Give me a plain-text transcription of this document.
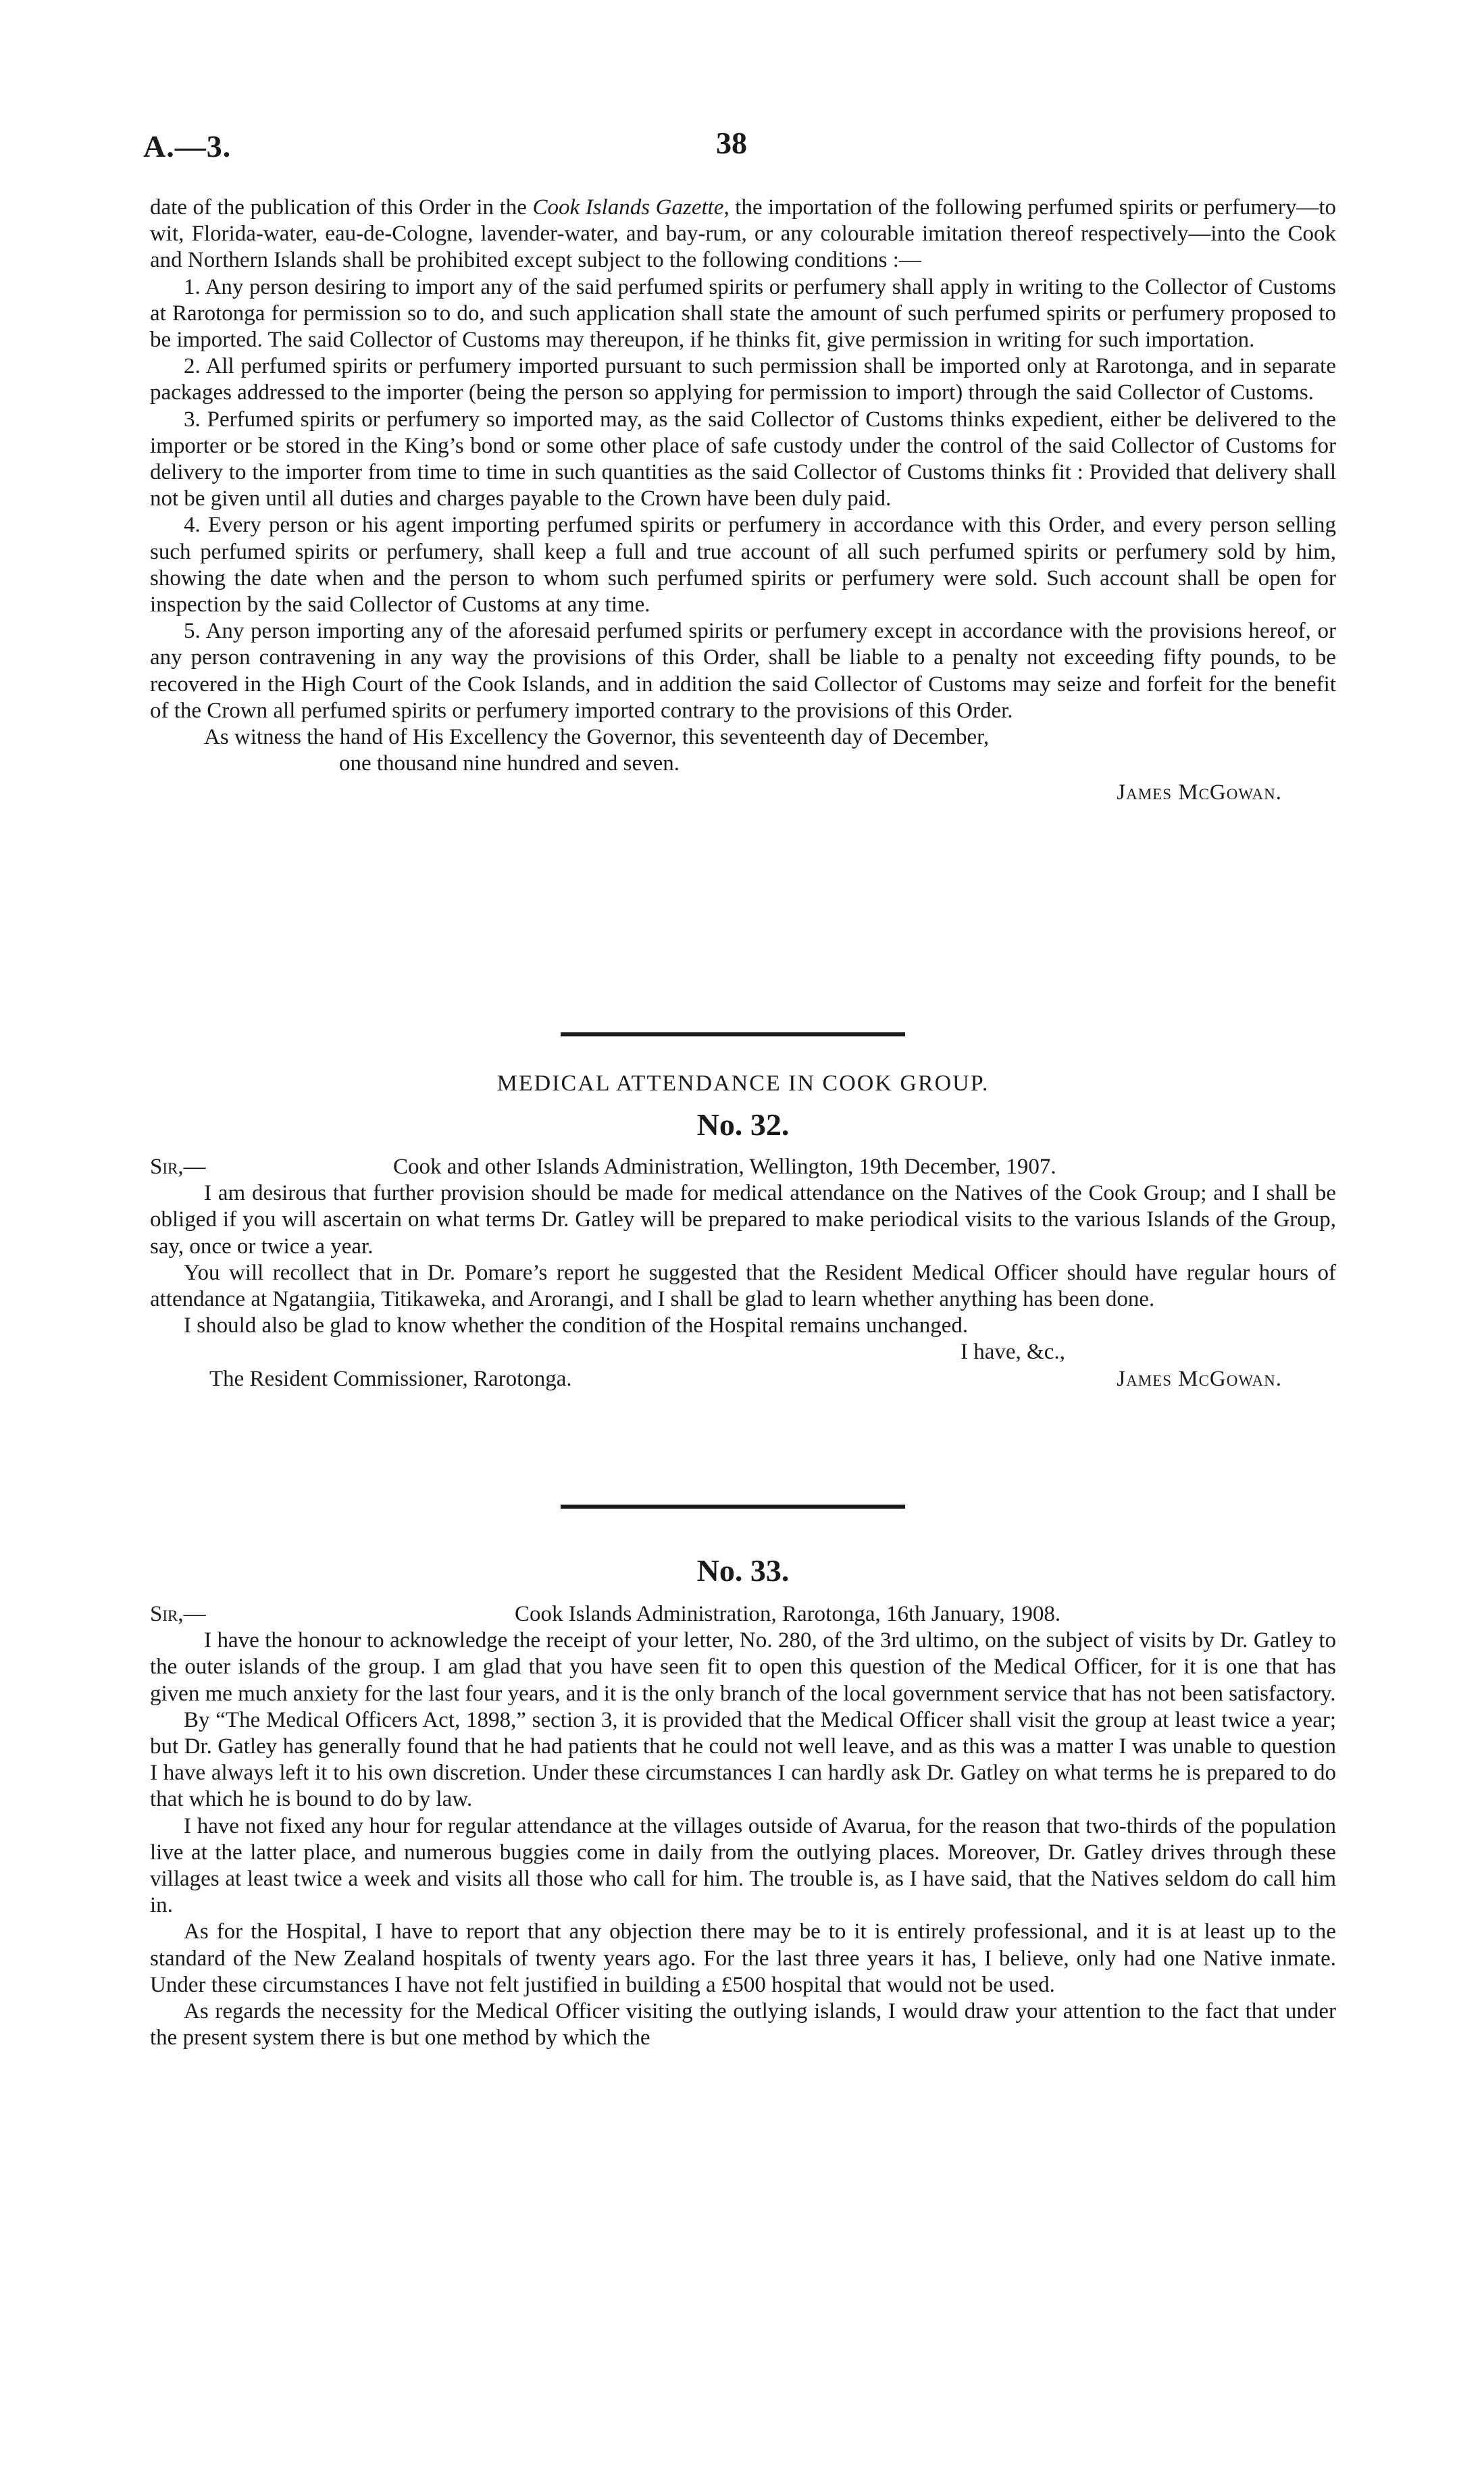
A.—3.	38

date of the publication of this Order in the Cook Islands Gazette, the importation of the following perfumed spirits or perfumery—to wit, Florida-water, eau-de-Cologne, lavender-water, and bay-rum, or any colourable imitation thereof respectively—into the Cook and Northern Islands shall be prohibited except subject to the following conditions :—

1. Any person desiring to import any of the said perfumed spirits or perfumery shall apply in writing to the Collector of Customs at Rarotonga for permission so to do, and such application shall state the amount of such perfumed spirits or perfumery proposed to be imported. The said Collector of Customs may thereupon, if he thinks fit, give permission in writing for such importation.

2. All perfumed spirits or perfumery imported pursuant to such permission shall be imported only at Rarotonga, and in separate packages addressed to the importer (being the person so applying for permission to import) through the said Collector of Customs.

3. Perfumed spirits or perfumery so imported may, as the said Collector of Customs thinks expedient, either be delivered to the importer or be stored in the King’s bond or some other place of safe custody under the control of the said Collector of Customs for delivery to the importer from time to time in such quantities as the said Collector of Customs thinks fit : Provided that delivery shall not be given until all duties and charges payable to the Crown have been duly paid.

4. Every person or his agent importing perfumed spirits or perfumery in accordance with this Order, and every person selling such perfumed spirits or perfumery, shall keep a full and true account of all such perfumed spirits or perfumery sold by him, showing the date when and the person to whom such perfumed spirits or perfumery were sold. Such account shall be open for inspection by the said Collector of Customs at any time.

5. Any person importing any of the aforesaid perfumed spirits or perfumery except in accordance with the provisions hereof, or any person contravening in any way the provisions of this Order, shall be liable to a penalty not exceeding fifty pounds, to be recovered in the High Court of the Cook Islands, and in addition the said Collector of Customs may seize and forfeit for the benefit of the Crown all perfumed spirits or perfumery imported contrary to the provisions of this Order.

As witness the hand of His Excellency the Governor, this seventeenth day of December,

one thousand nine hundred and seven.

James McGowan.

MEDICAL ATTENDANCE IN COOK GROUP.
No. 32.

Sir,—	Cook and other Islands Administration, Wellington, 19th December, 1907.

I am desirous that further provision should be made for medical attendance on the Natives of the Cook Group; and I shall be obliged if you will ascertain on what terms Dr. Gatley will be prepared to make periodical visits to the various Islands of the Group, say, once or twice a year.

You will recollect that in Dr. Pomare’s report he suggested that the Resident Medical Officer should have regular hours of attendance at Ngatangiia, Titikaweka, and Arorangi, and I shall be glad to learn whether anything has been done.

I should also be glad to know whether the condition of the Hospital remains unchanged.

I have, &c.,

The Resident Commissioner, Rarotonga.	James McGowan.
No. 33.

Sir,—	Cook Islands Administration, Rarotonga, 16th January, 1908.

I have the honour to acknowledge the receipt of your letter, No. 280, of the 3rd ultimo, on the subject of visits by Dr. Gatley to the outer islands of the group. I am glad that you have seen fit to open this question of the Medical Officer, for it is one that has given me much anxiety for the last four years, and it is the only branch of the local government service that has not been satisfactory.

By “The Medical Officers Act, 1898,” section 3, it is provided that the Medical Officer shall visit the group at least twice a year; but Dr. Gatley has generally found that he had patients that he could not well leave, and as this was a matter I was unable to question I have always left it to his own discretion. Under these circumstances I can hardly ask Dr. Gatley on what terms he is prepared to do that which he is bound to do by law.

I have not fixed any hour for regular attendance at the villages outside of Avarua, for the reason that two-thirds of the population live at the latter place, and numerous buggies come in daily from the outlying places. Moreover, Dr. Gatley drives through these villages at least twice a week and visits all those who call for him. The trouble is, as I have said, that the Natives seldom do call him in.

As for the Hospital, I have to report that any objection there may be to it is entirely professional, and it is at least up to the standard of the New Zealand hospitals of twenty years ago. For the last three years it has, I believe, only had one Native inmate. Under these circumstances I have not felt justified in building a £500 hospital that would not be used.

As regards the necessity for the Medical Officer visiting the outlying islands, I would draw your attention to the fact that under the present system there is but one method by which the
